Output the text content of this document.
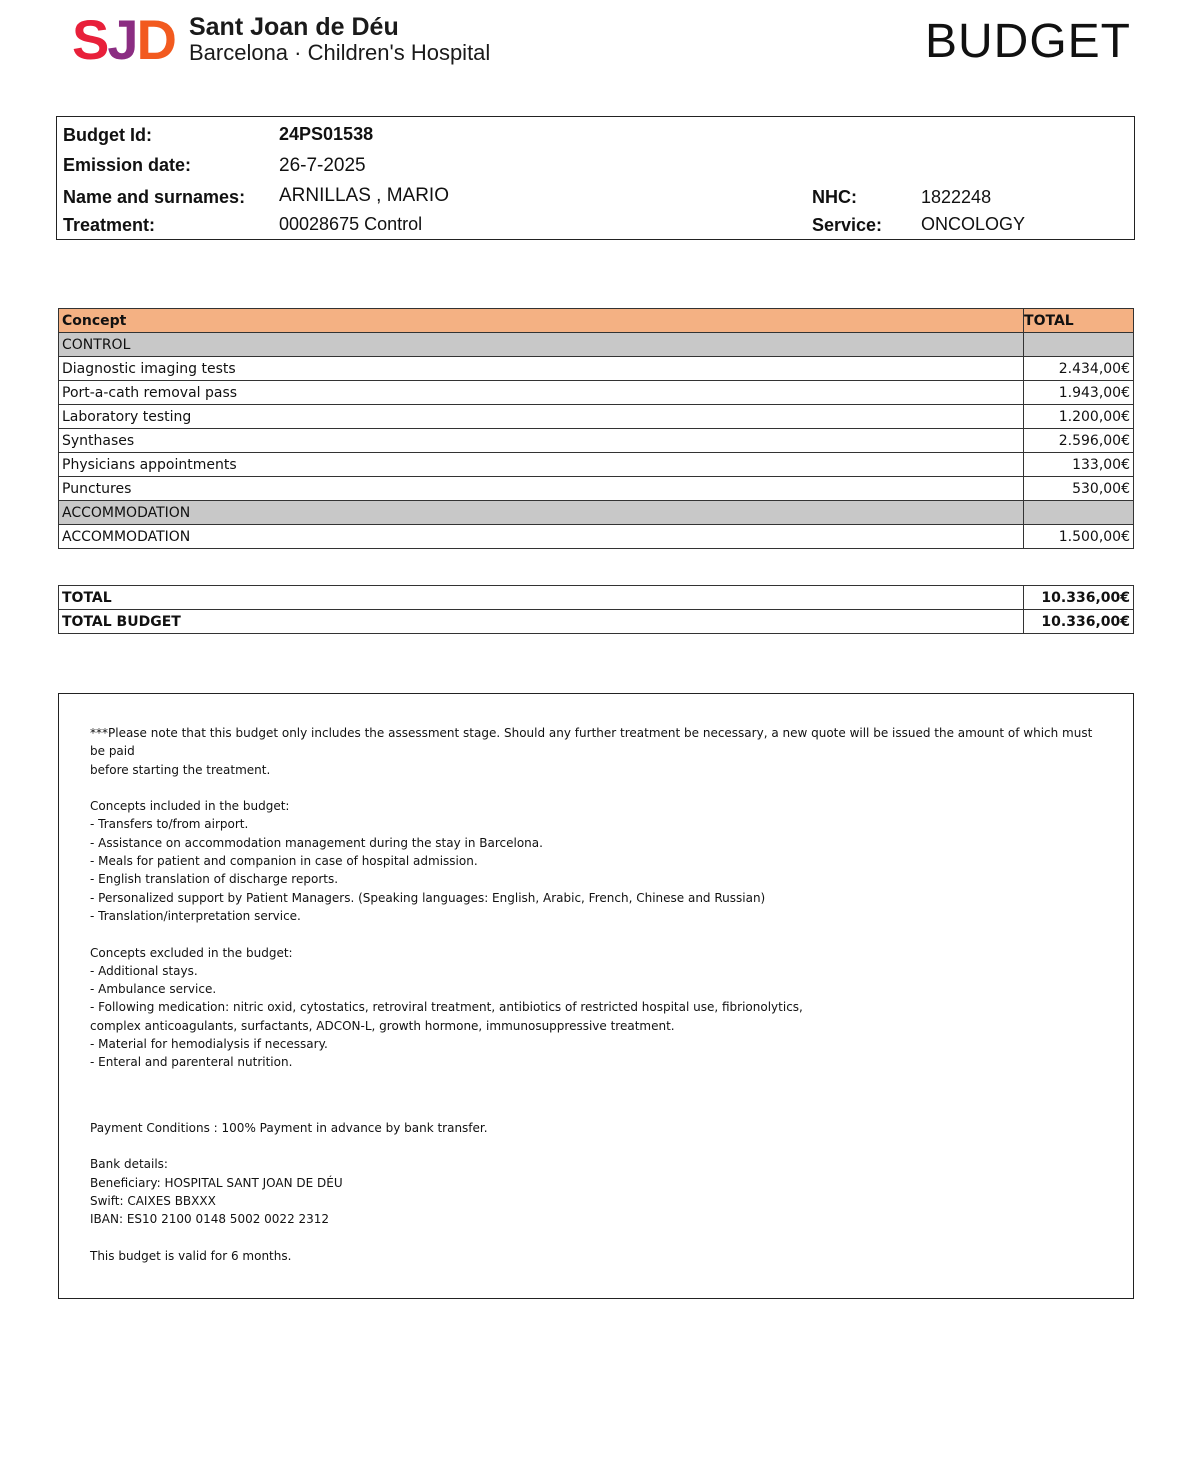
SJD Sant Joan de Déu
Barcelona · Children's Hospital	BUDGET
Budget Id:	24PS01538
Emission date:	26-7-2025
Name and surnames: ARNILLAS , MARIO
Treatment:	00028675 Control
NHC:	1822248
Service: ONCOLOGY
Concept	TOTAL
CONTROL	
Diagnostic imaging tests	2.434,00€
Port-a-cath removal pass	1.943,00€
Laboratory testing	1.200,00€
Synthases	2.596,00€
Physicians appointments	133,00€
Punctures	530,00€
ACCOMMODATION	
ACCOMMODATION	1.500,00€
TOTAL	10.336,00€
TOTAL BUDGET	10.336,00€
***Please note that this budget only includes the assessment stage. Should any further treatment be necessary, a new quote will be issued the amount of which must be paid
before starting the treatment.
Concepts included in the budget:
- Transfers to/from airport.
- Assistance on accommodation management during the stay in Barcelona.
- Meals for patient and companion in case of hospital admission.
- English translation of discharge reports.
- Personalized support by Patient Managers. (Speaking languages: English, Arabic, French, Chinese and Russian)
- Translation/interpretation service.
Concepts excluded in the budget:
- Additional stays.
- Ambulance service.
- Following medication: nitric oxid, cytostatics, retroviral treatment, antibiotics of restricted hospital use, fibrionolytics,
complex anticoagulants, surfactants, ADCON-L, growth hormone, immunosuppressive treatment.
- Material for hemodialysis if necessary.
- Enteral and parenteral nutrition.
Payment Conditions : 100% Payment in advance by bank transfer.
Bank details:
Beneficiary: HOSPITAL SANT JOAN DE DÉU
Swift: CAIXES BBXXX
IBAN: ES10 2100 0148 5002 0022 2312
This budget is valid for 6 months.
